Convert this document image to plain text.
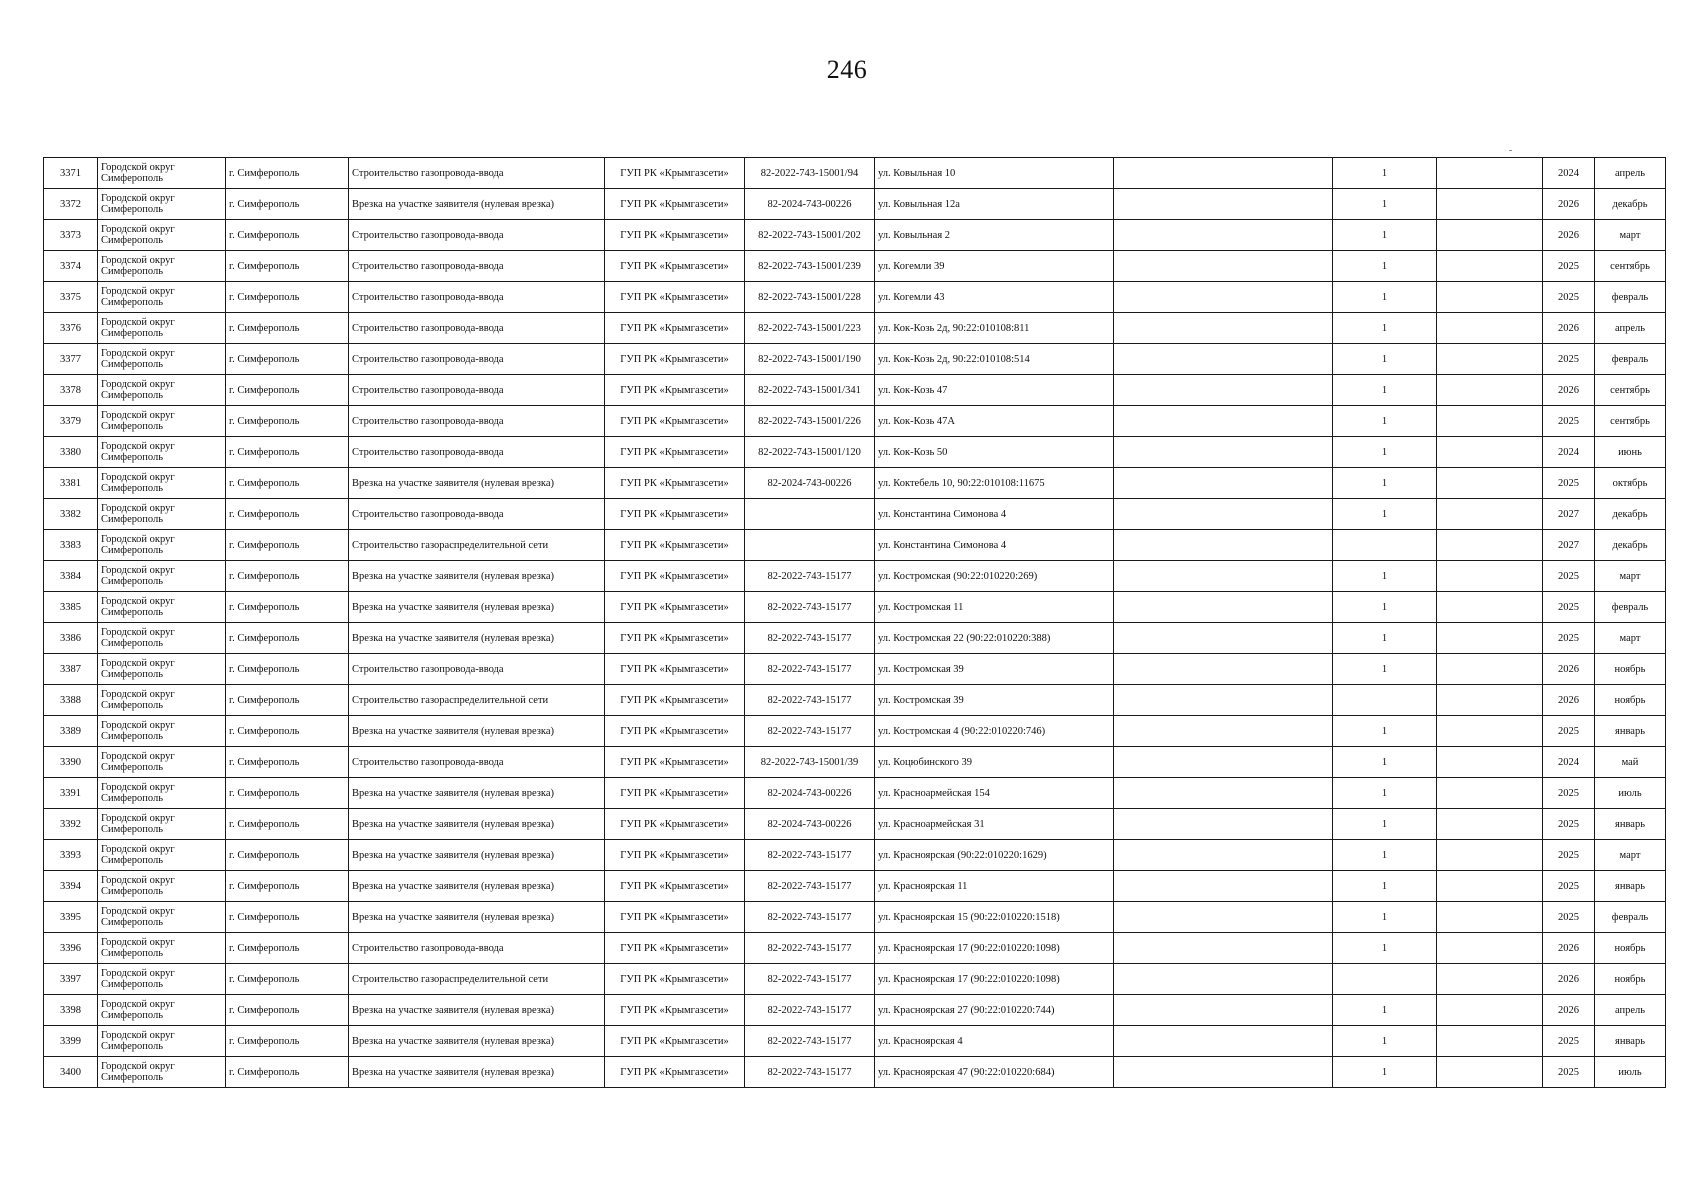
246
3371	Городской округ Симферополь	г. Симферополь	Строительство газопровода-ввода	ГУП РК «Крымгазсети»	82-2022-743-15001/94	ул. Ковыльная 10		1		2024	апрель
3372	Городской округ Симферополь	г. Симферополь	Врезка на участке заявителя (нулевая врезка)	ГУП РК «Крымгазсети»	82-2024-743-00226	ул. Ковыльная 12а		1		2026	декабрь
3373	Городской округ Симферополь	г. Симферополь	Строительство газопровода-ввода	ГУП РК «Крымгазсети»	82-2022-743-15001/202	ул. Ковыльная 2		1		2026	март
3374	Городской округ Симферополь	г. Симферополь	Строительство газопровода-ввода	ГУП РК «Крымгазсети»	82-2022-743-15001/239	ул. Когемли 39		1		2025	сентябрь
3375	Городской округ Симферополь	г. Симферополь	Строительство газопровода-ввода	ГУП РК «Крымгазсети»	82-2022-743-15001/228	ул. Когемли 43		1		2025	февраль
3376	Городской округ Симферополь	г. Симферополь	Строительство газопровода-ввода	ГУП РК «Крымгазсети»	82-2022-743-15001/223	ул. Кок-Козь 2д, 90:22:010108:811		1		2026	апрель
3377	Городской округ Симферополь	г. Симферополь	Строительство газопровода-ввода	ГУП РК «Крымгазсети»	82-2022-743-15001/190	ул. Кок-Козь 2д, 90:22:010108:514		1		2025	февраль
3378	Городской округ Симферополь	г. Симферополь	Строительство газопровода-ввода	ГУП РК «Крымгазсети»	82-2022-743-15001/341	ул. Кок-Козь 47		1		2026	сентябрь
3379	Городской округ Симферополь	г. Симферополь	Строительство газопровода-ввода	ГУП РК «Крымгазсети»	82-2022-743-15001/226	ул. Кок-Козь 47А		1		2025	сентябрь
3380	Городской округ Симферополь	г. Симферополь	Строительство газопровода-ввода	ГУП РК «Крымгазсети»	82-2022-743-15001/120	ул. Кок-Козь 50		1		2024	июнь
3381	Городской округ Симферополь	г. Симферополь	Врезка на участке заявителя (нулевая врезка)	ГУП РК «Крымгазсети»	82-2024-743-00226	ул. Коктебель 10, 90:22:010108:11675		1		2025	октябрь
3382	Городской округ Симферополь	г. Симферополь	Строительство газопровода-ввода	ГУП РК «Крымгазсети»		ул. Константина Симонова 4		1		2027	декабрь
3383	Городской округ Симферополь	г. Симферополь	Строительство газораспределительной сети	ГУП РК «Крымгазсети»		ул. Константина Симонова 4				2027	декабрь
3384	Городской округ Симферополь	г. Симферополь	Врезка на участке заявителя (нулевая врезка)	ГУП РК «Крымгазсети»	82-2022-743-15177	ул. Костромская (90:22:010220:269)		1		2025	март
3385	Городской округ Симферополь	г. Симферополь	Врезка на участке заявителя (нулевая врезка)	ГУП РК «Крымгазсети»	82-2022-743-15177	ул. Костромская 11		1		2025	февраль
3386	Городской округ Симферополь	г. Симферополь	Врезка на участке заявителя (нулевая врезка)	ГУП РК «Крымгазсети»	82-2022-743-15177	ул. Костромская 22 (90:22:010220:388)		1		2025	март
3387	Городской округ Симферополь	г. Симферополь	Строительство газопровода-ввода	ГУП РК «Крымгазсети»	82-2022-743-15177	ул. Костромская 39		1		2026	ноябрь
3388	Городской округ Симферополь	г. Симферополь	Строительство газораспределительной сети	ГУП РК «Крымгазсети»	82-2022-743-15177	ул. Костромская 39				2026	ноябрь
3389	Городской округ Симферополь	г. Симферополь	Врезка на участке заявителя (нулевая врезка)	ГУП РК «Крымгазсети»	82-2022-743-15177	ул. Костромская 4 (90:22:010220:746)		1		2025	январь
3390	Городской округ Симферополь	г. Симферополь	Строительство газопровода-ввода	ГУП РК «Крымгазсети»	82-2022-743-15001/39	ул. Коцюбинского 39		1		2024	май
3391	Городской округ Симферополь	г. Симферополь	Врезка на участке заявителя (нулевая врезка)	ГУП РК «Крымгазсети»	82-2024-743-00226	ул. Красноармейская 154		1		2025	июль
3392	Городской округ Симферополь	г. Симферополь	Врезка на участке заявителя (нулевая врезка)	ГУП РК «Крымгазсети»	82-2024-743-00226	ул. Красноармейская 31		1		2025	январь
3393	Городской округ Симферополь	г. Симферополь	Врезка на участке заявителя (нулевая врезка)	ГУП РК «Крымгазсети»	82-2022-743-15177	ул. Красноярская (90:22:010220:1629)		1		2025	март
3394	Городской округ Симферополь	г. Симферополь	Врезка на участке заявителя (нулевая врезка)	ГУП РК «Крымгазсети»	82-2022-743-15177	ул. Красноярская 11		1		2025	январь
3395	Городской округ Симферополь	г. Симферополь	Врезка на участке заявителя (нулевая врезка)	ГУП РК «Крымгазсети»	82-2022-743-15177	ул. Красноярская 15 (90:22:010220:1518)		1		2025	февраль
3396	Городской округ Симферополь	г. Симферополь	Строительство газопровода-ввода	ГУП РК «Крымгазсети»	82-2022-743-15177	ул. Красноярская 17 (90:22:010220:1098)		1		2026	ноябрь
3397	Городской округ Симферополь	г. Симферополь	Строительство газораспределительной сети	ГУП РК «Крымгазсети»	82-2022-743-15177	ул. Красноярская 17 (90:22:010220:1098)				2026	ноябрь
3398	Городской округ Симферополь	г. Симферополь	Врезка на участке заявителя (нулевая врезка)	ГУП РК «Крымгазсети»	82-2022-743-15177	ул. Красноярская 27 (90:22:010220:744)		1		2026	апрель
3399	Городской округ Симферополь	г. Симферополь	Врезка на участке заявителя (нулевая врезка)	ГУП РК «Крымгазсети»	82-2022-743-15177	ул. Красноярская 4		1		2025	январь
3400	Городской округ Симферополь	г. Симферополь	Врезка на участке заявителя (нулевая врезка)	ГУП РК «Крымгазсети»	82-2022-743-15177	ул. Красноярская 47 (90:22:010220:684)		1		2025	июль
